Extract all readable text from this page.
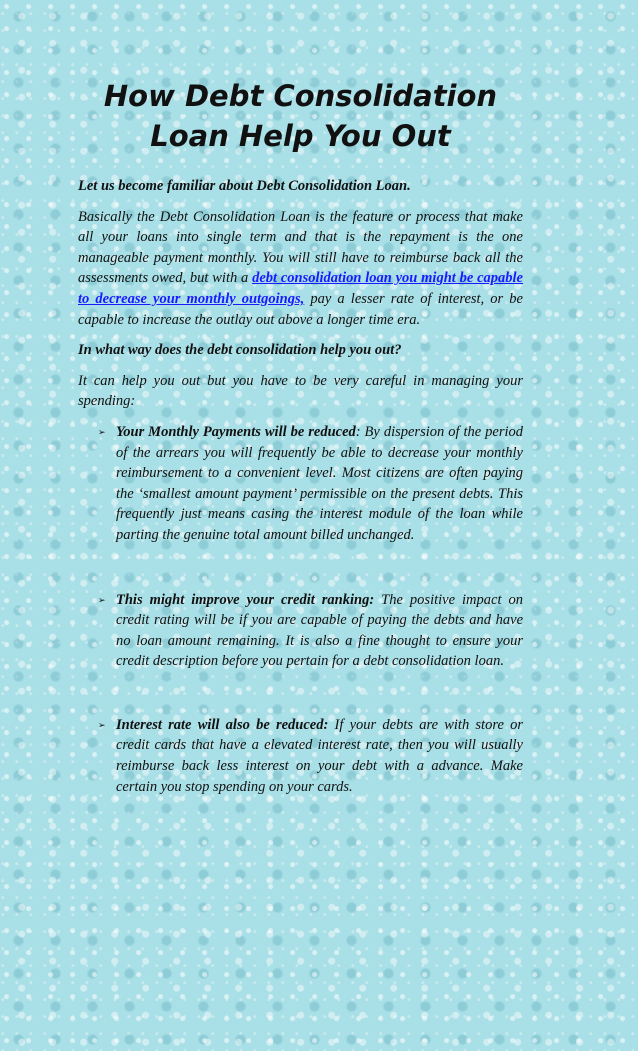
How Debt Consolidation Loan Help You Out

Let us become familiar about Debt Consolidation Loan.

Basically the Debt Consolidation Loan is the feature or process that make all your loans into single term and that is the repayment is the one manageable payment monthly. You will still have to reimburse back all the assessments owed, but with a debt consolidation loan you might be capable to decrease your monthly outgoings, pay a lesser rate of interest, or be capable to increase the outlay out above a longer time era.

In what way does the debt consolidation help you out?

It can help you out but you have to be very careful in managing your spending:

➢ Your Monthly Payments will be reduced: By dispersion of the period of the arrears you will frequently be able to decrease your monthly reimbursement to a convenient level. Most citizens are often paying the ‘smallest amount payment’ permissible on the present debts. This frequently just means casing the interest module of the loan while parting the genuine total amount billed unchanged.
➢ This might improve your credit ranking: The positive impact on credit rating will be if you are capable of paying the debts and have no loan amount remaining. It is also a fine thought to ensure your credit description before you pertain for a debt consolidation loan.
➢ Interest rate will also be reduced: If your debts are with store or credit cards that have a elevated interest rate, then you will usually reimburse back less interest on your debt with a advance. Make certain you stop spending on your cards.
